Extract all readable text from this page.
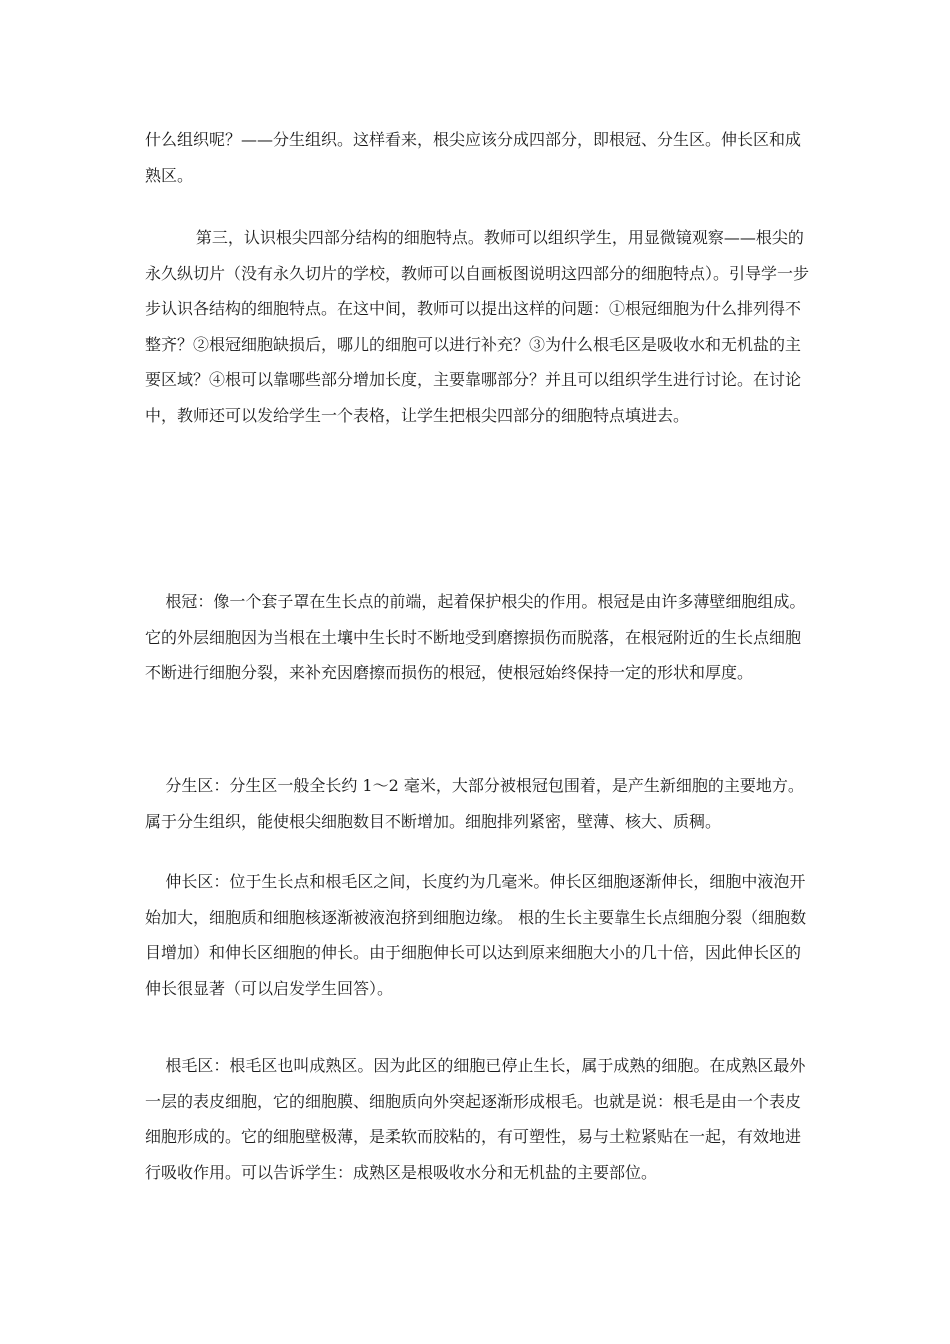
什么组织呢？——分生组织。这样看来，根尖应该分成四部分，即根冠、分生区。伸长区和成熟区。

第三，认识根尖四部分结构的细胞特点。教师可以组织学生，用显微镜观察——根尖的永久纵切片（没有永久切片的学校，教师可以自画板图说明这四部分的细胞特点）。引导学一步步认识各结构的细胞特点。在这中间，教师可以提出这样的问题：①根冠细胞为什么排列得不整齐？②根冠细胞缺损后，哪儿的细胞可以进行补充？③为什么根毛区是吸收水和无机盐的主要区域？④根可以靠哪些部分增加长度，主要靠哪部分？并且可以组织学生进行讨论。在讨论中，教师还可以发给学生一个表格，让学生把根尖四部分的细胞特点填进去。

根冠：像一个套子罩在生长点的前端，起着保护根尖的作用。根冠是由许多薄壁细胞组成。它的外层细胞因为当根在土壤中生长时不断地受到磨擦损伤而脱落，在根冠附近的生长点细胞不断进行细胞分裂，来补充因磨擦而损伤的根冠，使根冠始终保持一定的形状和厚度。

分生区：分生区一般全长约 1～2 毫米，大部分被根冠包围着，是产生新细胞的主要地方。属于分生组织，能使根尖细胞数目不断增加。细胞排列紧密，壁薄、核大、质稠。

伸长区：位于生长点和根毛区之间，长度约为几毫米。伸长区细胞逐渐伸长，细胞中液泡开始加大，细胞质和细胞核逐渐被液泡挤到细胞边缘。 根的生长主要靠生长点细胞分裂（细胞数目增加）和伸长区细胞的伸长。由于细胞伸长可以达到原来细胞大小的几十倍，因此伸长区的伸长很显著（可以启发学生回答）。

根毛区：根毛区也叫成熟区。因为此区的细胞已停止生长，属于成熟的细胞。在成熟区最外一层的表皮细胞，它的细胞膜、细胞质向外突起逐渐形成根毛。也就是说：根毛是由一个表皮细胞形成的。它的细胞壁极薄，是柔软而胶粘的，有可塑性，易与土粒紧贴在一起，有效地进行吸收作用。可以告诉学生：成熟区是根吸收水分和无机盐的主要部位。
